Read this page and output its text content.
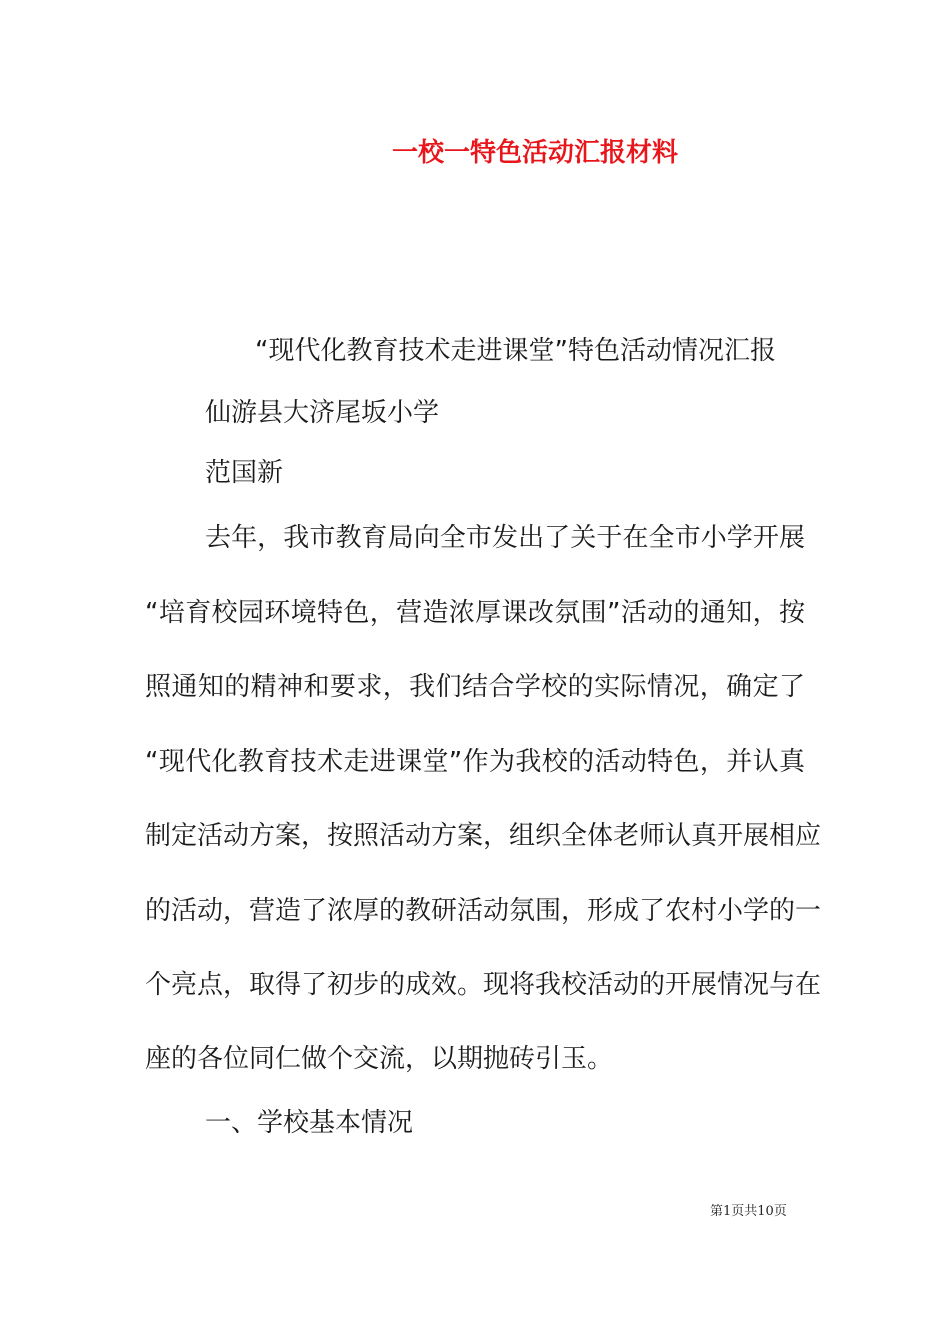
一校一特色活动汇报材料
“现代化教育技术走进课堂”特色活动情况汇报
仙游县大济尾坂小学
范国新
去年，我市教育局向全市发出了关于在全市小学开展
“培育校园环境特色，营造浓厚课改氛围”活动的通知，按
照通知的精神和要求，我们结合学校的实际情况，确定了
“现代化教育技术走进课堂”作为我校的活动特色，并认真
制定活动方案，按照活动方案，组织全体老师认真开展相应
的活动，营造了浓厚的教研活动氛围，形成了农村小学的一
个亮点，取得了初步的成效。现将我校活动的开展情况与在
座的各位同仁做个交流，以期抛砖引玉。
一、学校基本情况
第1页共10页
